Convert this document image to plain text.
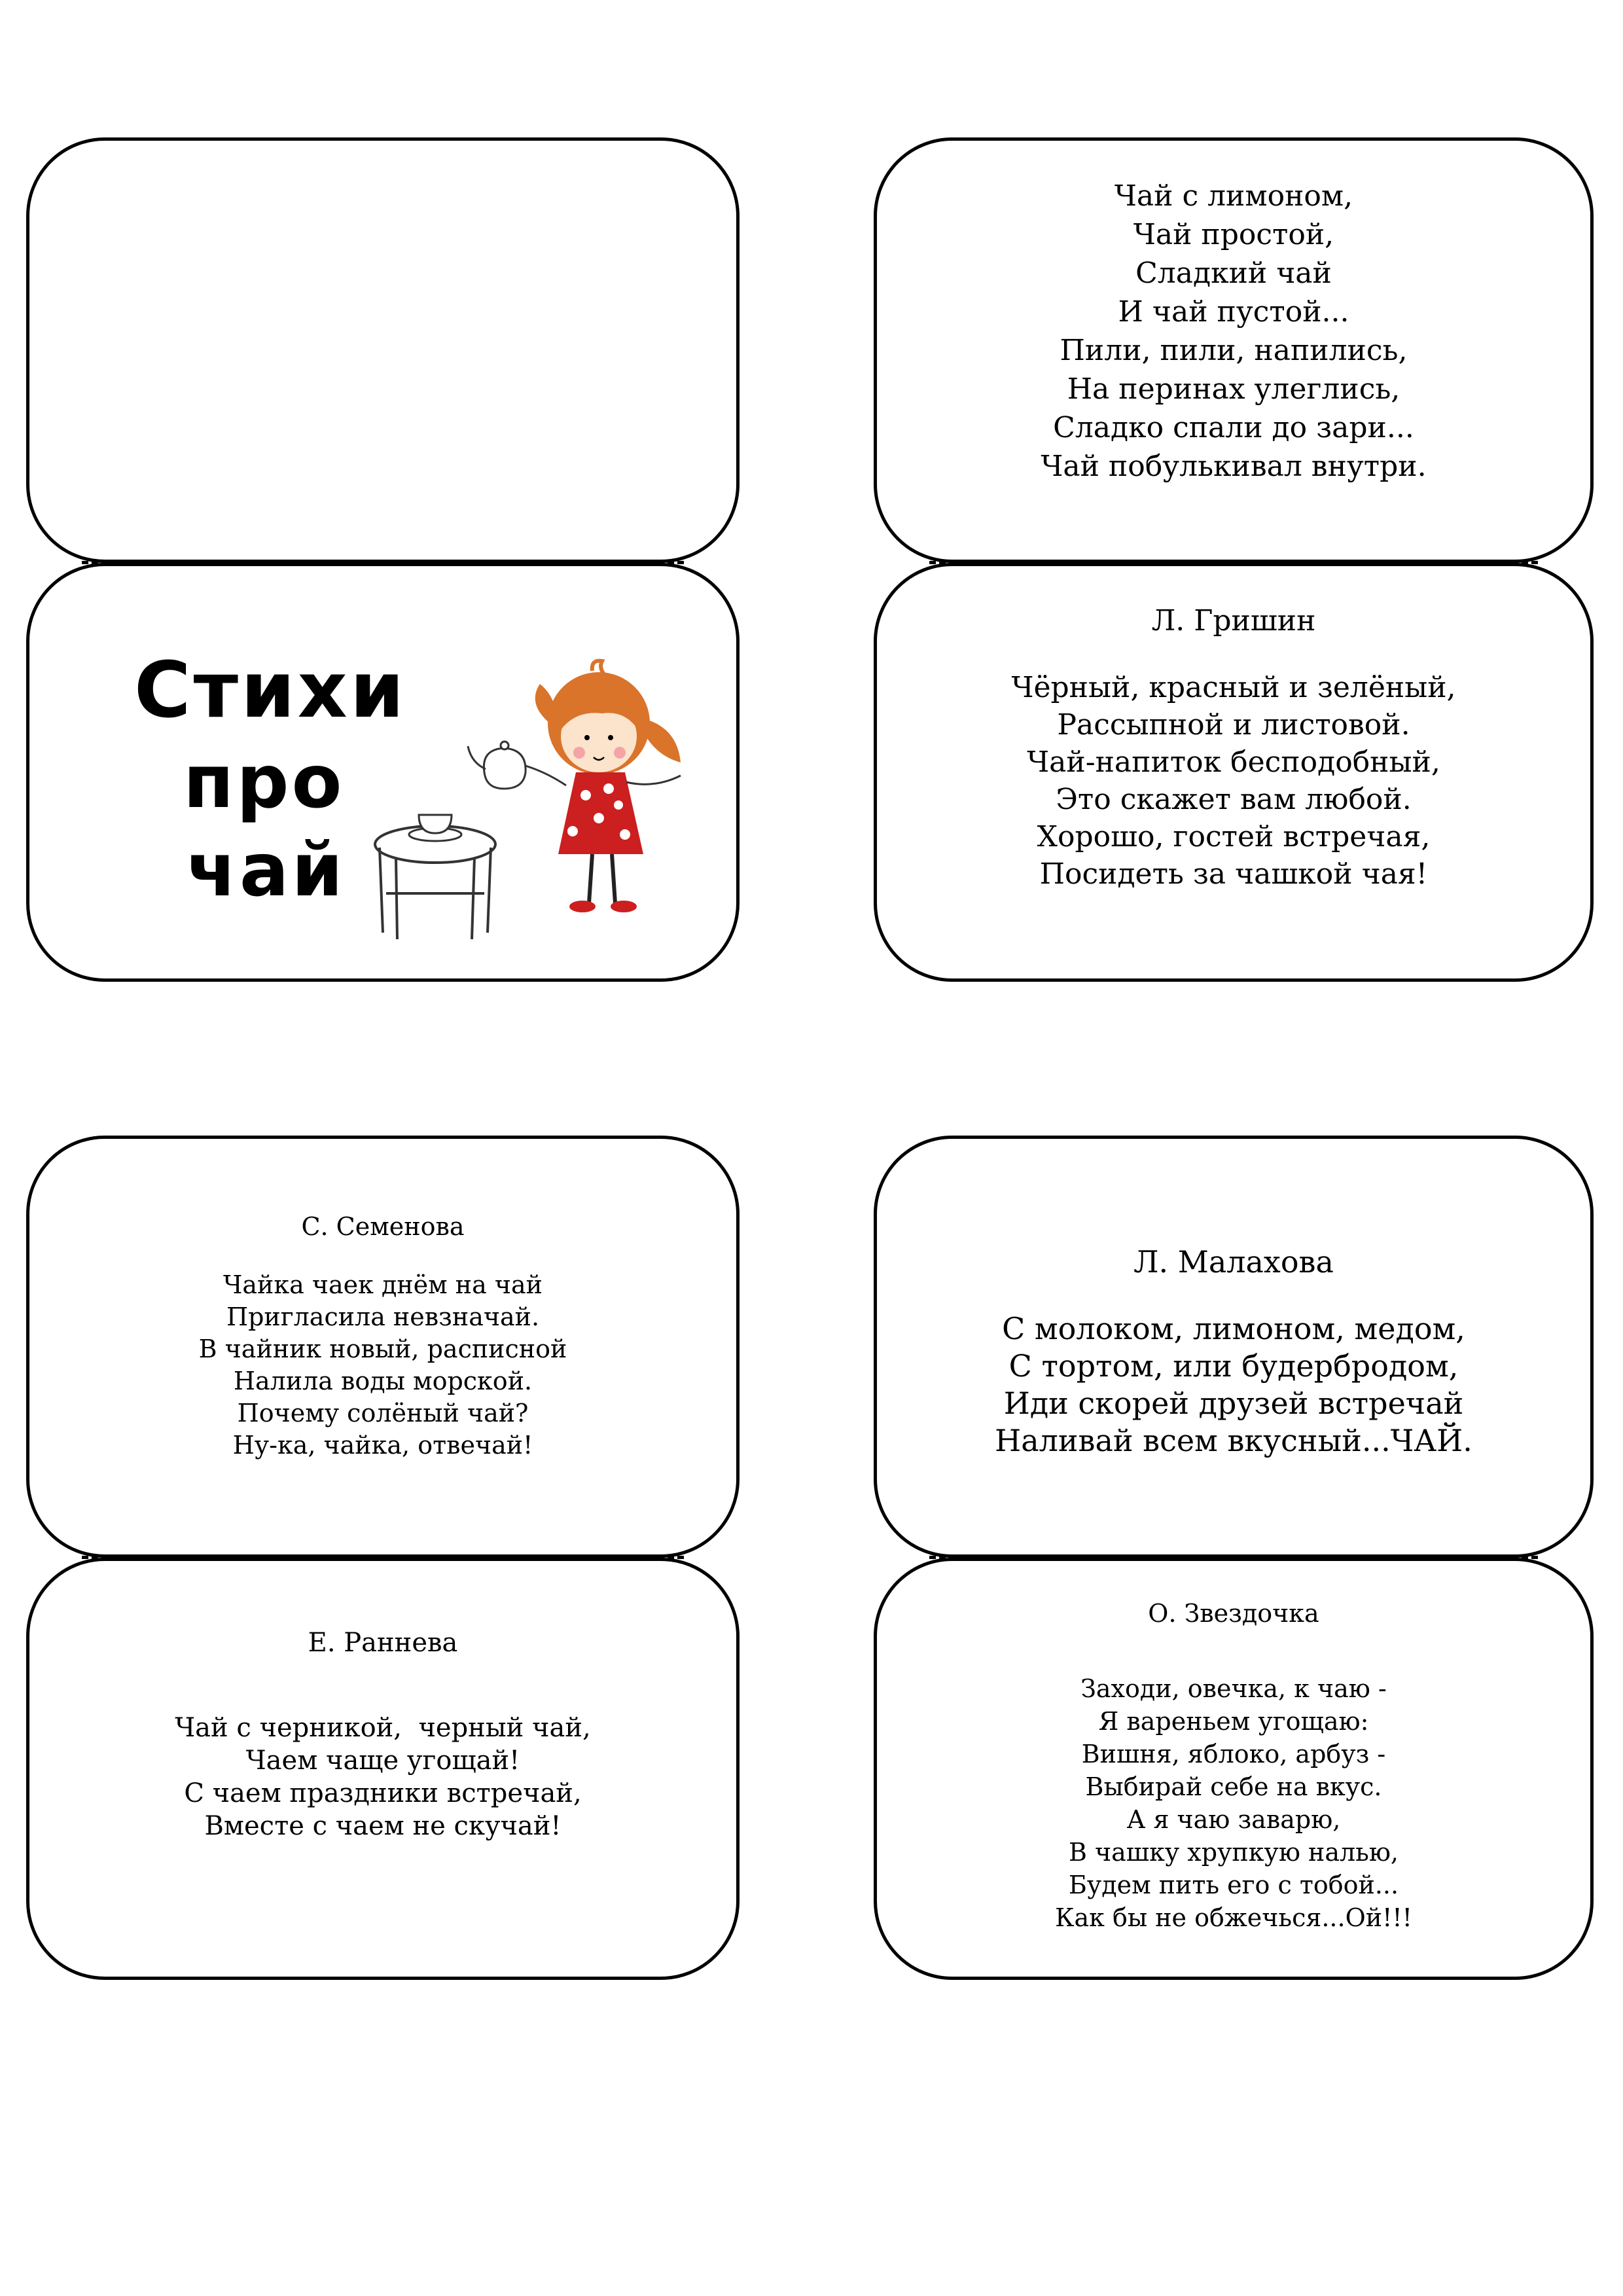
Стихи
про
чай
Чай с лимоном,
Чай простой,
Сладкий чай
И чай пустой...
Пили, пили, напились,
На перинах улеглись,
Сладко спали до зари...
Чай побулькивал внутри.
Л. Гришин
Чёрный, красный и зелёный,
Рассыпной и листовой.
Чай-напиток бесподобный,
Это скажет вам любой.
Хорошо, гостей встречая,
Посидеть за чашкой чая!
С. Семенова
Чайка чаек днём на чай
Пригласила невзначай.
В чайник новый, расписной
Налила воды морской.
Почему солёный чай?
Ну-ка, чайка, отвечай!
Е. Раннева
Чай с черникой,  черный чай,
Чаем чаще угощай!
С чаем праздники встречай,
Вместе с чаем не скучай!
Л. Малахова
С молоком, лимоном, медом,
С тортом, или будербродом,
Иди скорей друзей встречай
Наливай всем вкусный...ЧАЙ.
О. Звездочка
Заходи, овечка, к чаю -
Я вареньем угощаю:
Вишня, яблоко, арбуз -
Выбирай себе на вкус.
А я чаю заварю,
В чашку хрупкую налью,
Будем пить его с тобой...
Как бы не обжечься...Ой!!!
